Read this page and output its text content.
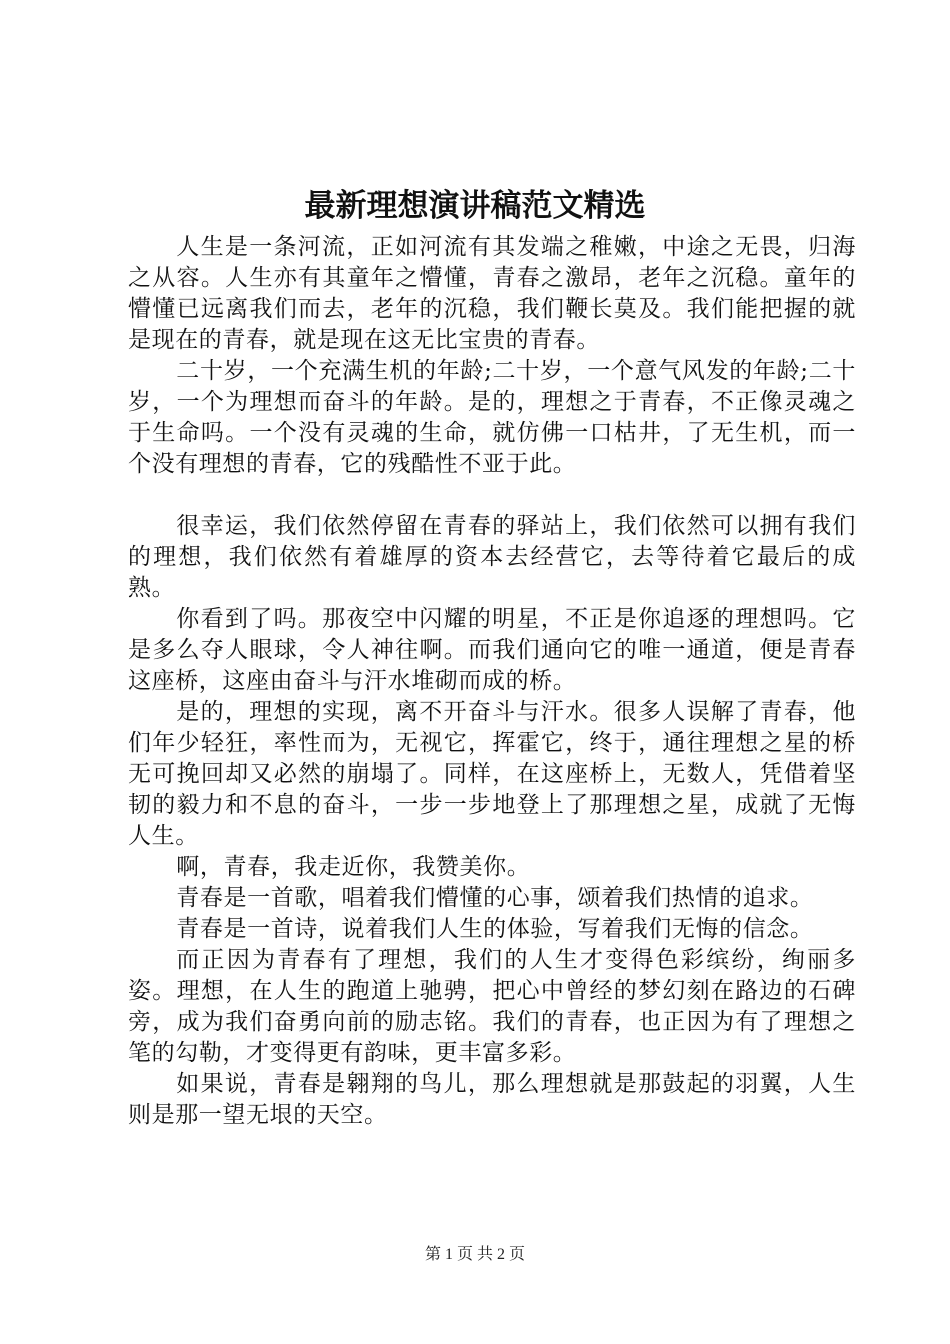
最新理想演讲稿范文精选

人生是一条河流，正如河流有其发端之稚嫩，中途之无畏，归海之从容。人生亦有其童年之懵懂，青春之激昂，老年之沉稳。童年的懵懂已远离我们而去，老年的沉稳，我们鞭长莫及。我们能把握的就是现在的青春，就是现在这无比宝贵的青春。

二十岁，一个充满生机的年龄;二十岁，一个意气风发的年龄;二十岁，一个为理想而奋斗的年龄。是的，理想之于青春，不正像灵魂之于生命吗。一个没有灵魂的生命，就仿佛一口枯井，了无生机，而一个没有理想的青春，它的残酷性不亚于此。

很幸运，我们依然停留在青春的驿站上，我们依然可以拥有我们的理想，我们依然有着雄厚的资本去经营它，去等待着它最后的成熟。

你看到了吗。那夜空中闪耀的明星，不正是你追逐的理想吗。它是多么夺人眼球，令人神往啊。而我们通向它的唯一通道，便是青春这座桥，这座由奋斗与汗水堆砌而成的桥。

是的，理想的实现，离不开奋斗与汗水。很多人误解了青春，他们年少轻狂，率性而为，无视它，挥霍它，终于，通往理想之星的桥无可挽回却又必然的崩塌了。同样，在这座桥上，无数人，凭借着坚韧的毅力和不息的奋斗，一步一步地登上了那理想之星，成就了无悔人生。

啊，青春，我走近你，我赞美你。

青春是一首歌，唱着我们懵懂的心事，颂着我们热情的追求。

青春是一首诗，说着我们人生的体验，写着我们无悔的信念。

而正因为青春有了理想，我们的人生才变得色彩缤纷，绚丽多姿。理想，在人生的跑道上驰骋，把心中曾经的梦幻刻在路边的石碑旁，成为我们奋勇向前的励志铭。我们的青春，也正因为有了理想之笔的勾勒，才变得更有韵味，更丰富多彩。

如果说，青春是翱翔的鸟儿，那么理想就是那鼓起的羽翼，人生则是那一望无垠的天空。

第 1 页 共 2 页
